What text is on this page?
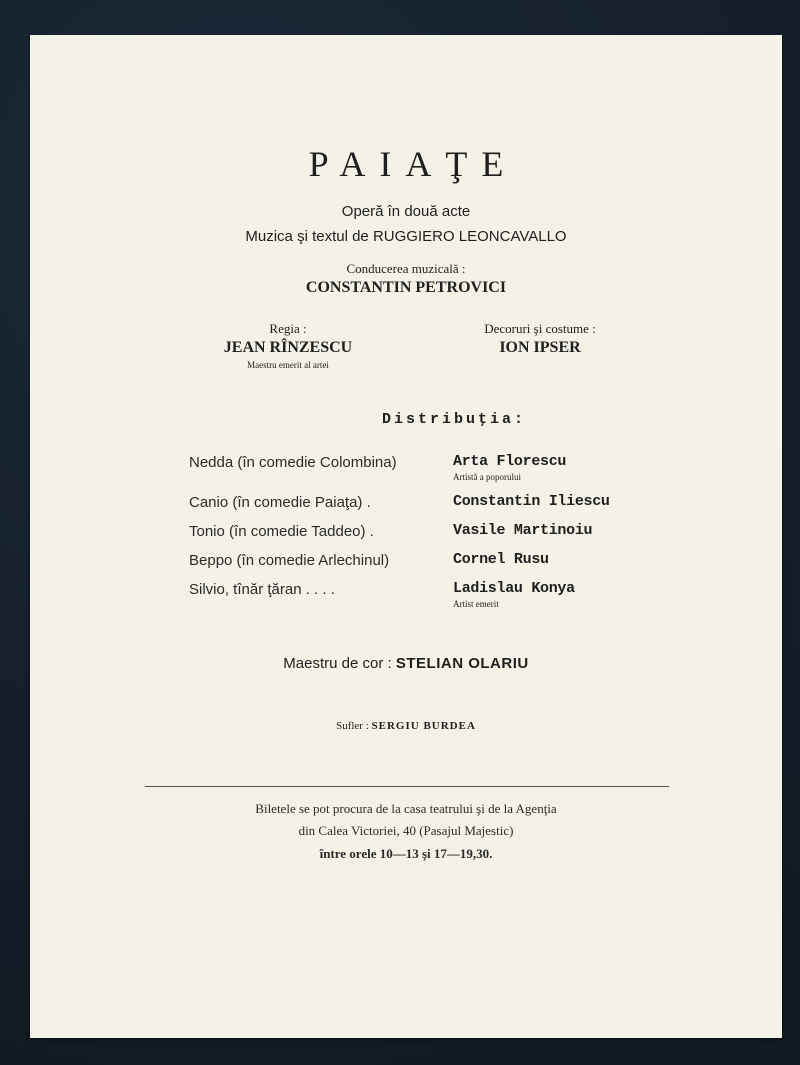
PAIAŢE
Operă în două acte
Muzica şi textul de RUGGIERO LEONCAVALLO
Conducerea muzicală :
CONSTANTIN PETROVICI
Regia :
JEAN RÎNZESCU
Maestru emerit al artei
Decoruri şi costume :
ION IPSER
Distribuţia:
Nedda (în comedie Colombina)	Arta Florescu
Artistă a poporului
Canio (în comedie Paiaţa) .	Constantin Iliescu
Tonio (în comedie Taddeo) .	Vasile Martinoiu
Beppo (în comedie Arlechinul)	Cornel Rusu
Silvio, tînăr ţăran . . . .	Ladislau Konya
Artist emerit
Maestru de cor : STELIAN OLARIU
Sufler : SERGIU BURDEA
Biletele se pot procura de la casa teatrului şi de la Agenţia
din Calea Victoriei, 40 (Pasajul Majestic)
între orele 10—13 şi 17—19,30.
